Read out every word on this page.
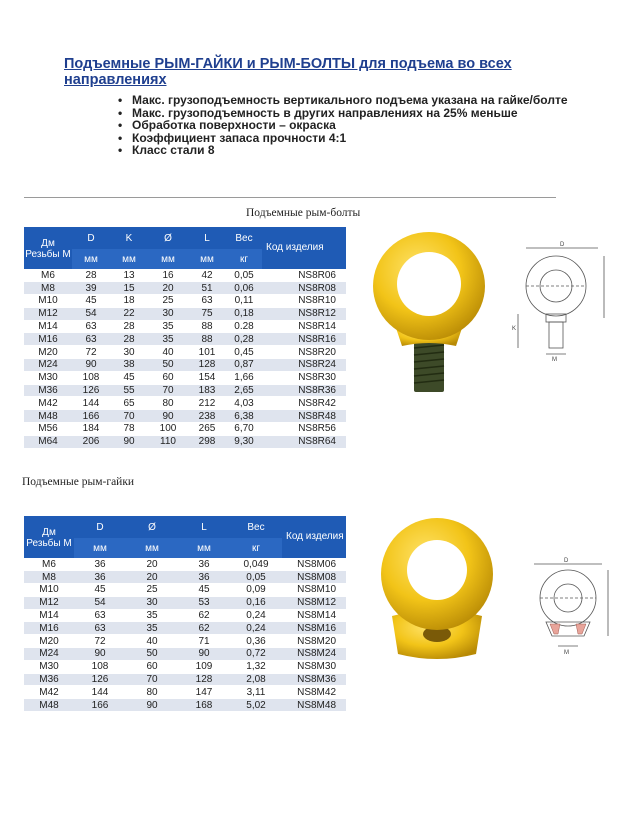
Подъемные РЫМ-ГАЙКИ и РЫМ-БОЛТЫ для подъема во всех направлениях
• Макс. грузоподъемность вертикального подъема указана на гайке/болте
• Макс. грузоподъемность в других направлениях на 25% меньше
• Обработка поверхности – окраска
• Коэффициент запаса прочности 4:1
• Класс стали 8
Подъемные рым-болты
Дм Резьбы М	D	K	Ø	L	Вес	Код изделия
	мм	мм	мм	мм	кг	
M6	28	13	16	42	0,05	NS8R06
M8	39	15	20	51	0,06	NS8R08
M10	45	18	25	63	0,11	NS8R10
M12	54	22	30	75	0,18	NS8R12
M14	63	28	35	88	0.28	NS8R14
M16	63	28	35	88	0,28	NS8R16
M20	72	30	40	101	0,45	NS8R20
M24	90	38	50	128	0,87	NS8R24
M30	108	45	60	154	1,66	NS8R30
M36	126	55	70	183	2,65	NS8R36
M42	144	65	80	212	4,03	NS8R42
M48	166	70	90	238	6,38	NS8R48
M56	184	78	100	265	6,70	NS8R56
M64	206	90	110	298	9,30	NS8R64
D
K
M
Подъемные рым-гайки
Дм Резьбы М	D	Ø	L	Вес	Код изделия
	мм	мм	мм	кг	
M6	36	20	36	0,049	NS8M06
M8	36	20	36	0,05	NS8M08
M10	45	25	45	0,09	NS8M10
M12	54	30	53	0,16	NS8M12
M14	63	35	62	0,24	NS8M14
M16	63	35	62	0,24	NS8M16
M20	72	40	71	0,36	NS8M20
M24	90	50	90	0,72	NS8M24
M30	108	60	109	1,32	NS8M30
M36	126	70	128	2,08	NS8M36
M42	144	80	147	3,11	NS8M42
M48	166	90	168	5,02	NS8M48
D
M
